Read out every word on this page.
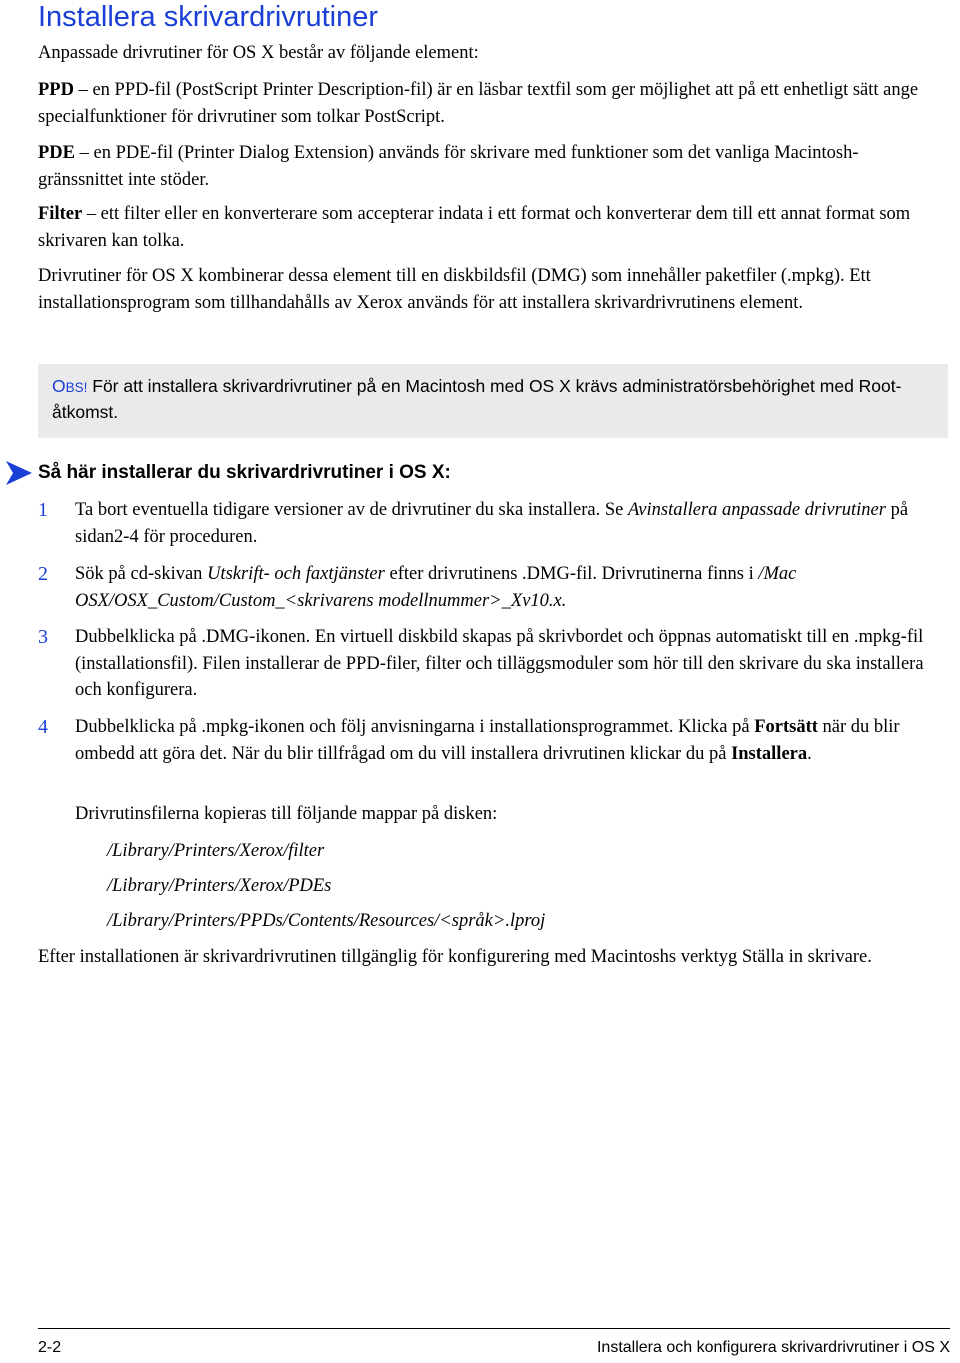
Installera skrivardrivrutiner

Anpassade drivrutiner för OS X består av följande element:

PPD – en PPD-fil (PostScript Printer Description-fil) är en läsbar textfil som ger möjlighet att på ett enhetligt sätt ange specialfunktioner för drivrutiner som tolkar PostScript.

PDE – en PDE-fil (Printer Dialog Extension) används för skrivare med funktioner som det vanliga Macintosh-gränssnittet inte stöder.

Filter – ett filter eller en konverterare som accepterar indata i ett format och konverterar dem till ett annat format som skrivaren kan tolka.

Drivrutiner för OS X kombinerar dessa element till en diskbildsfil (DMG) som innehåller paketfiler (.mpkg). Ett installationsprogram som tillhandahålls av Xerox används för att installera skrivardrivrutinens element.

OBS! För att installera skrivardrivrutiner på en Macintosh med OS X krävs administratörsbehörighet med Root-åtkomst.

Så här installerar du skrivardrivrutiner i OS X:
1 Ta bort eventuella tidigare versioner av de drivrutiner du ska installera. Se Avinstallera anpassade drivrutiner på sidan2-4 för proceduren.

2 Sök på cd-skivan Utskrift- och faxtjänster efter drivrutinens .DMG-fil. Drivrutinerna finns i /Mac OSX/OSX_Custom/Custom_<skrivarens modellnummer>_Xv10.x.

3 Dubbelklicka på .DMG-ikonen. En virtuell diskbild skapas på skrivbordet och öppnas automatiskt till en .mpkg-fil (installationsfil). Filen installerar de PPD-filer, filter och tilläggsmoduler som hör till den skrivare du ska installera och konfigurera.

4 Dubbelklicka på .mpkg-ikonen och följ anvisningarna i installationsprogrammet. Klicka på Fortsätt när du blir ombedd att göra det. När du blir tillfrågad om du vill installera drivrutinen klickar du på Installera.

Drivrutinsfilerna kopieras till följande mappar på disken:

/Library/Printers/Xerox/filter

/Library/Printers/Xerox/PDEs

/Library/Printers/PPDs/Contents/Resources/<språk>.lproj

Efter installationen är skrivardrivrutinen tillgänglig för konfigurering med Macintoshs verktyg Ställa in skrivare.

2-2	Installera och konfigurera skrivardrivrutiner i OS X
